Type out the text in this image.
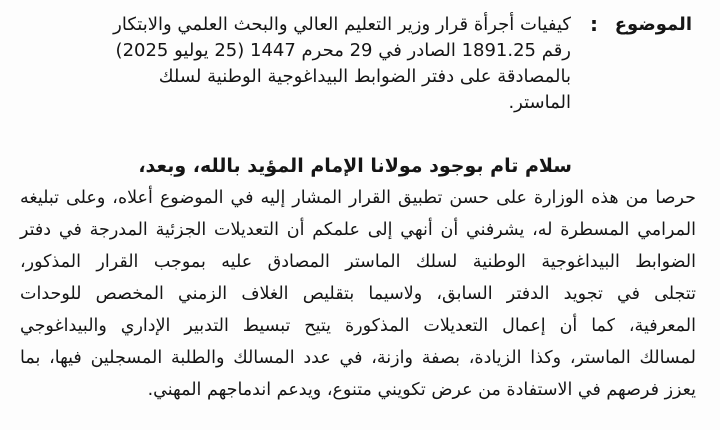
الموضوع
:
كيفيات أجرأة قرار وزير التعليم العالي والبحث العلمي والابتكار
رقم 1891.25 الصادر في 29 محرم 1447 (25 يوليو 2025)
بالمصادقة على دفتر الضوابط البيداغوجية الوطنية لسلك
الماستر.
سلام تام بوجود مولانا الإمام المؤيد بالله، وبعد،
حرصا من هذه الوزارة على حسن تطبيق القرار المشار إليه في الموضوع أعلاه، وعلى تبليغه
المرامي المسطرة له، يشرفني أن أنهي إلى علمكم أن التعديلات الجزئية المدرجة في دفتر
الضوابط البيداغوجية الوطنية لسلك الماستر المصادق عليه بموجب القرار المذكور،
تتجلى في تجويد الدفتر السابق، ولاسيما بتقليص الغلاف الزمني المخصص للوحدات
المعرفية، كما أن إعمال التعديلات المذكورة يتيح تبسيط التدبير الإداري والبيداغوجي
لمسالك الماستر، وكذا الزيادة، بصفة وازنة، في عدد المسالك والطلبة المسجلين فيها، بما
يعزز فرصهم في الاستفادة من عرض تكويني متنوع، ويدعم اندماجهم المهني.
